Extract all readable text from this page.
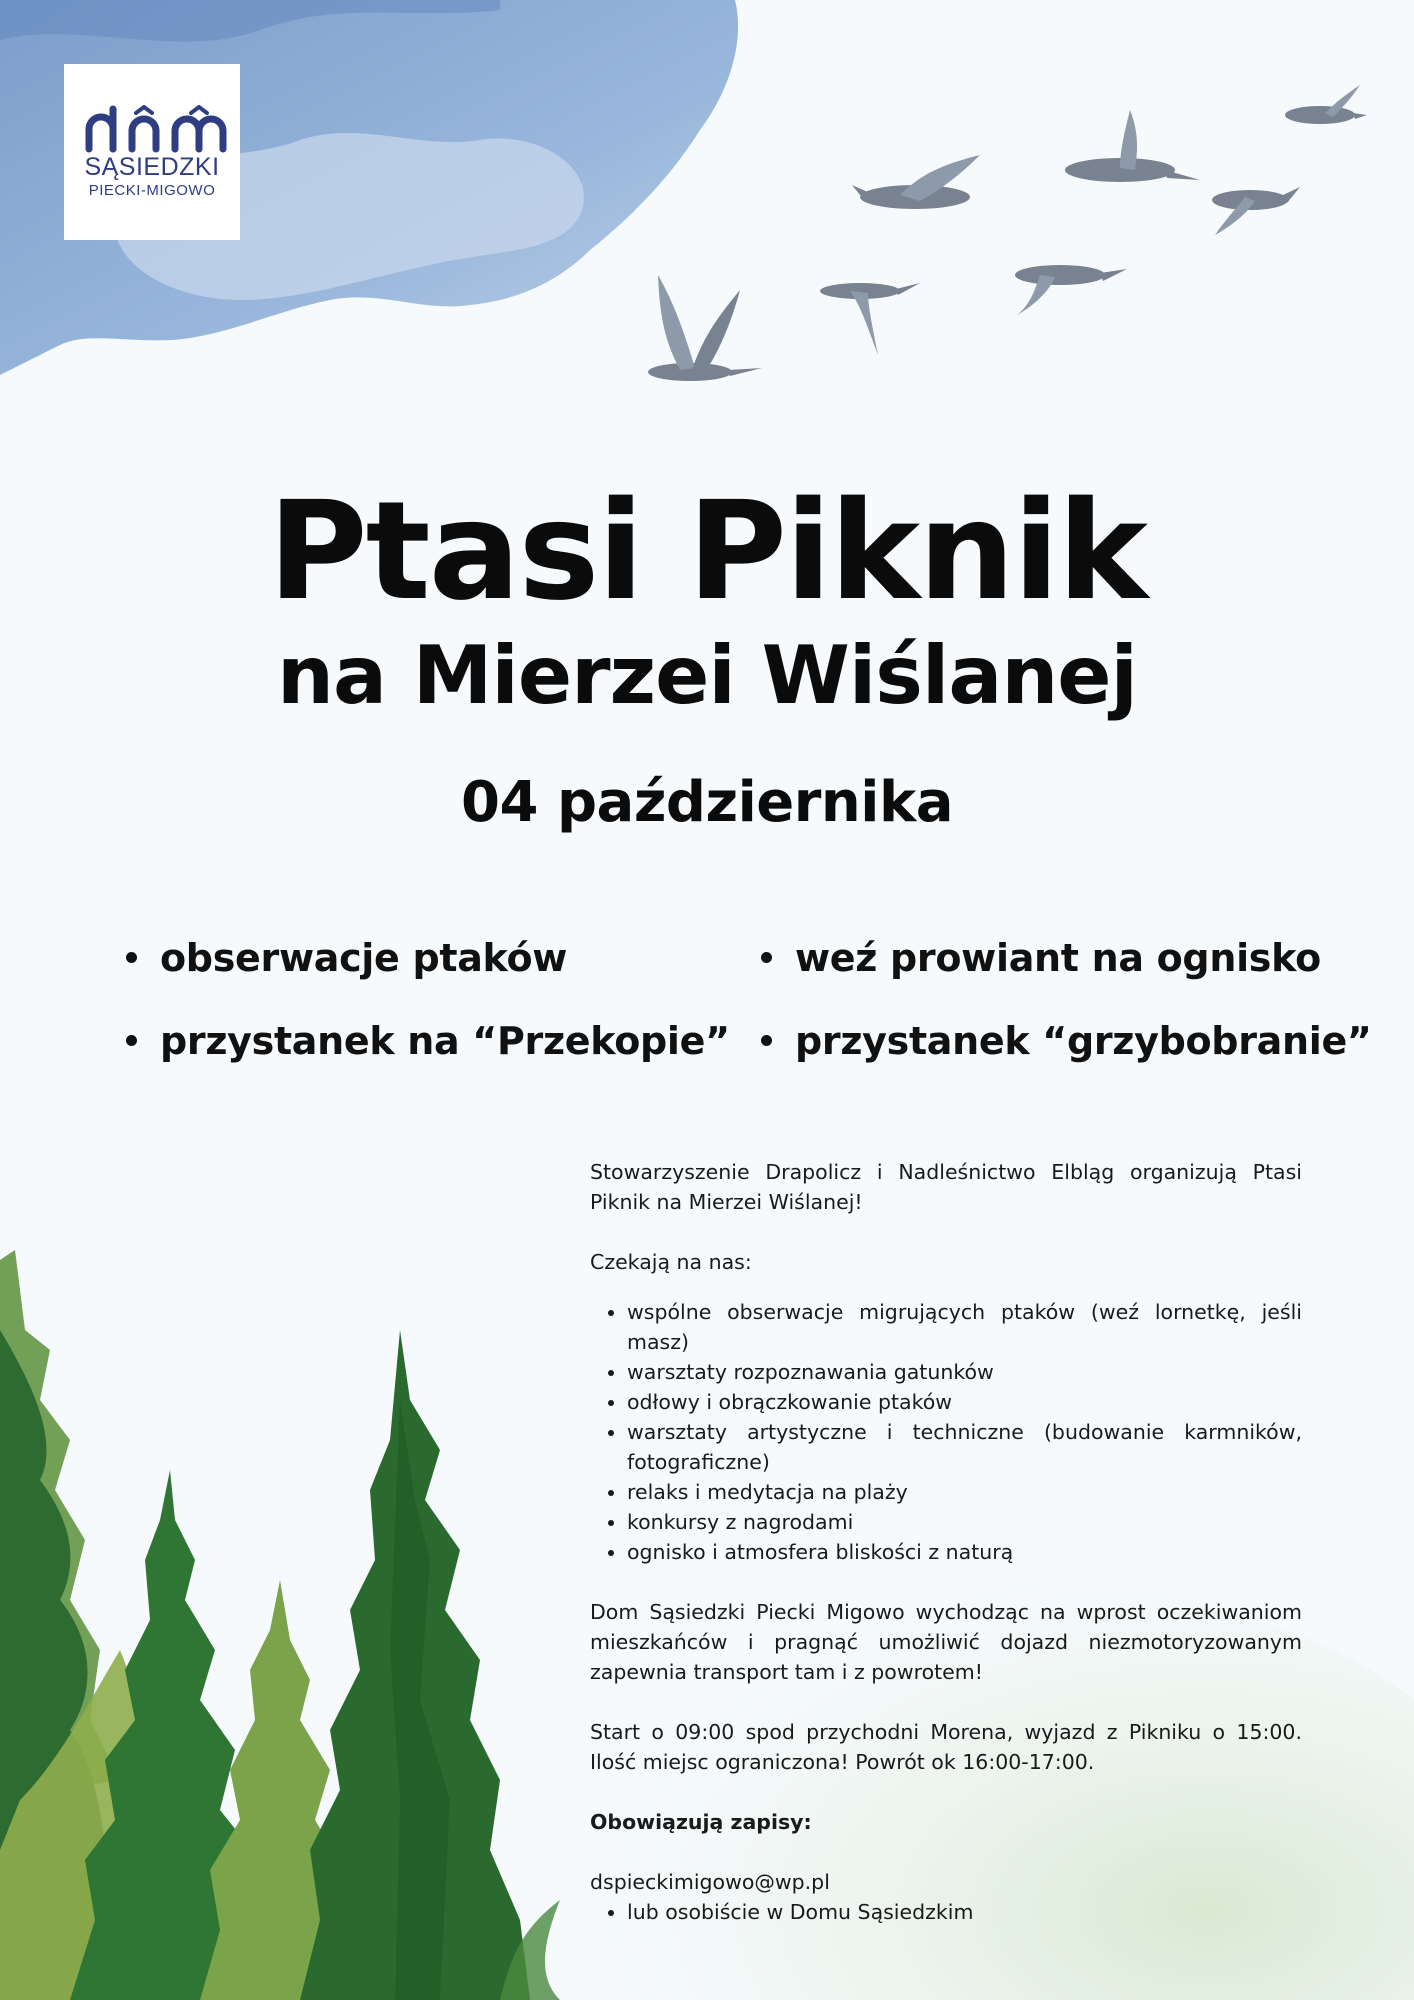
SĄSIEDZKI
PIECKI-MIGOWO
Ptasi Piknik
na Mierzei Wiślanej
04 października
obserwacje ptaków
przystanek na “Przekopie”
weź prowiant na ognisko
przystanek “grzybobranie”

Stowarzyszenie Drapolicz i Nadleśnictwo Elbląg organizują Ptasi Piknik na Mierzei Wiślanej!

Czekają na nas:

• wspólne obserwacje migrujących ptaków (weź lornetkę, jeśli masz)
• warsztaty rozpoznawania gatunków
• odłowy i obrączkowanie ptaków
• warsztaty artystyczne i techniczne (budowanie karmników, fotograficzne)
• relaks i medytacja na plaży
• konkursy z nagrodami
• ognisko i atmosfera bliskości z naturą

Dom Sąsiedzki Piecki Migowo wychodząc na wprost oczekiwaniom mieszkańców i pragnąć umożliwić dojazd niezmotoryzowanym zapewnia transport tam i z powrotem!

Start o 09:00 spod przychodni Morena, wyjazd z Pikniku o 15:00. Ilość miejsc ograniczona! Powrót ok 16:00-17:00.

Obowiązują zapisy:

dspieckimigowo@wp.pl
• lub osobiście w Domu Sąsiedzkim
